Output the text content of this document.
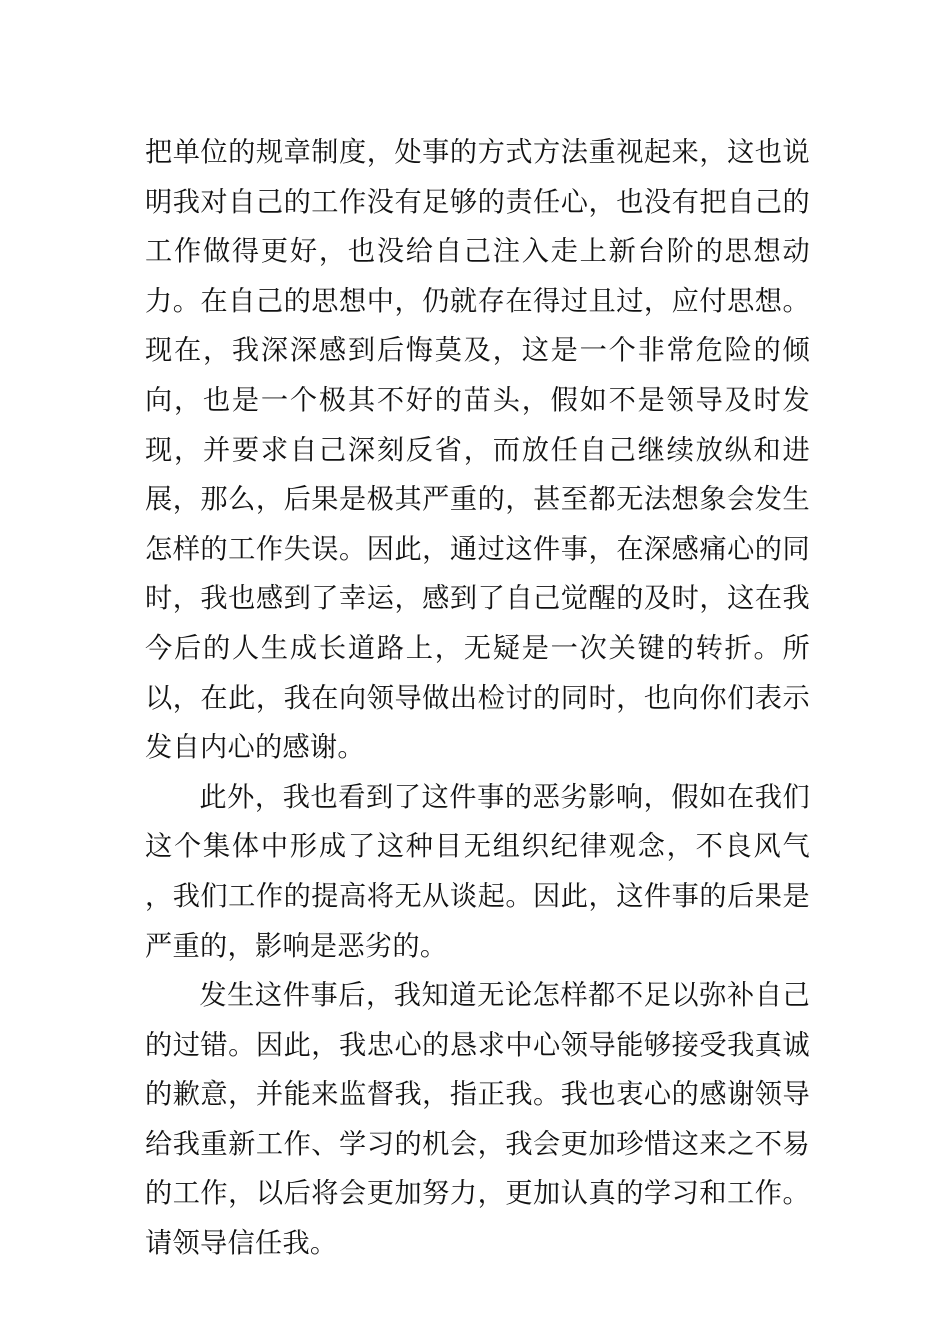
把单位的规章制度，处事的方式方法重视起来，这也说明我对自己的工作没有足够的责任心，也没有把自己的工作做得更好，也没给自己注入走上新台阶的思想动力。在自己的思想中，仍就存在得过且过，应付思想。现在，我深深感到后悔莫及，这是一个非常危险的倾向，也是一个极其不好的苗头，假如不是领导及时发现，并要求自己深刻反省，而放任自己继续放纵和进展，那么，后果是极其严重的，甚至都无法想象会发生怎样的工作失误。因此，通过这件事，在深感痛心的同时，我也感到了幸运，感到了自己觉醒的及时，这在我今后的人生成长道路上，无疑是一次关键的转折。所以，在此，我在向领导做出检讨的同时，也向你们表示发自内心的感谢。

此外，我也看到了这件事的恶劣影响，假如在我们这个集体中形成了这种目无组织纪律观念，不良风气 ，我们工作的提高将无从谈起。因此，这件事的后果是严重的，影响是恶劣的。

发生这件事后，我知道无论怎样都不足以弥补自己的过错。因此，我忠心的恳求中心领导能够接受我真诚的歉意，并能来监督我，指正我。我也衷心的感谢领导给我重新工作、学习的机会，我会更加珍惜这来之不易的工作，以后将会更加努力，更加认真的学习和工作。请领导信任我。
